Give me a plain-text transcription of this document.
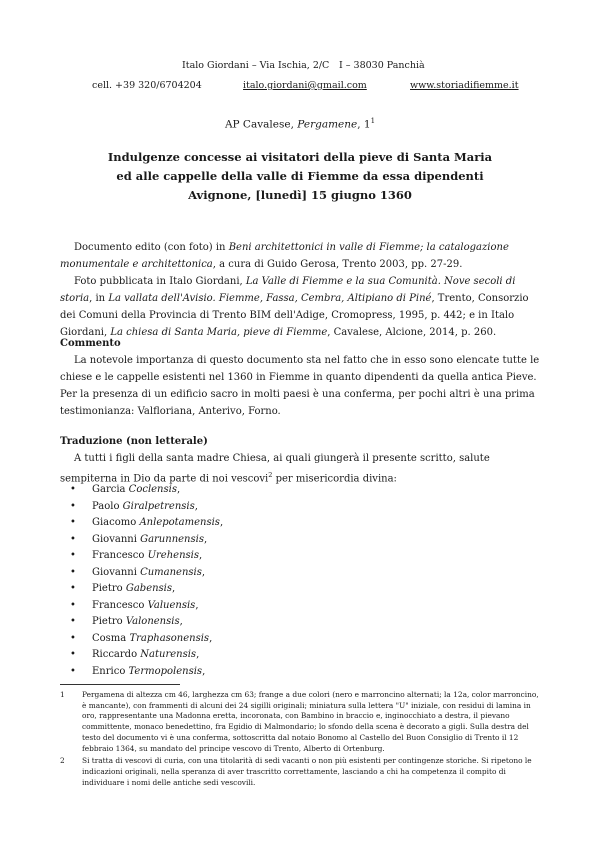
Italo Giordani – Via Ischia, 2/C I – 38030 Panchià
cell. +39 320/6704204	italo.giordani@gmail.com	www.storiadifiemme.it
AP Cavalese, Pergamene, $1^1$
Indulgenze concesse ai visitatori della pieve di Santa Maria
ed alle cappelle della valle di Fiemme da essa dipendenti
Avignone, [lunedì] 15 giugno 1360

Documento edito (con foto) in Beni architettonici in valle di Fiemme; la catalogazione monumentale e architettonica, a cura di Guido Gerosa, Trento 2003, pp. 27-29.

Foto pubblicata in Italo Giordani, La Valle di Fiemme e la sua Comunità. Nove secoli di storia, in La vallata dell'Avisio. Fiemme, Fassa, Cembra, Altipiano di Piné, Trento, Consorzio dei Comuni della Provincia di Trento BIM dell'Adige, Cromopress, 1995, p. 442; e in Italo Giordani, La chiesa di Santa Maria, pieve di Fiemme, Cavalese, Alcione, 2014, p. 260.

Commento

La notevole importanza di questo documento sta nel fatto che in esso sono elencate tutte le chiese e le cappelle esistenti nel 1360 in Fiemme in quanto dipendenti da quella antica Pieve. Per la presenza di un edificio sacro in molti paesi è una conferma, per pochi altri è una prima testimonianza: Valfloriana, Anterivo, Forno.

Traduzione (non letterale)

A tutti i figli della santa madre Chiesa, ai quali giungerà il presente scritto, salute sempiterna in Dio da parte di noi vescovi$^2$ per misericordia divina:

• Garcia Coclensis,
• Paolo Giralpetrensis,
• Giacomo Anlepotamensis,
• Giovanni Garunnensis,
• Francesco Urehensis,
• Giovanni Cumanensis,
• Pietro Gabensis,
• Francesco Valuensis,
• Pietro Valonensis,
• Cosma Traphasonensis,
• Riccardo Naturensis,
• Enrico Termopolensis,
1 Pergamena di altezza cm 46, larghezza cm 63; frange a due colori (nero e marroncino alternati; la 12a, color marroncino, è mancante), con frammenti di alcuni dei 24 sigilli originali; miniatura sulla lettera "U" iniziale, con residui di lamina in oro, rappresentante una Madonna eretta, incoronata, con Bambino in braccio e, inginocchiato a destra, il pievano committente, monaco benedettino, fra Egidio di Malmondario; lo sfondo della scena è decorato a gigli. Sulla destra del testo del documento vi è una conferma, sottoscritta dal notaio Bonomo al Castello del Buon Consiglio di Trento il 12 febbraio 1364, su mandato del principe vescovo di Trento, Alberto di Ortenburg.
2 Si tratta di vescovi di curia, con una titolarità di sedi vacanti o non più esistenti per contingenze storiche. Si ripetono le indicazioni originali, nella speranza di aver trascritto correttamente, lasciando a chi ha competenza il compito di individuare i nomi delle antiche sedi vescovili.
